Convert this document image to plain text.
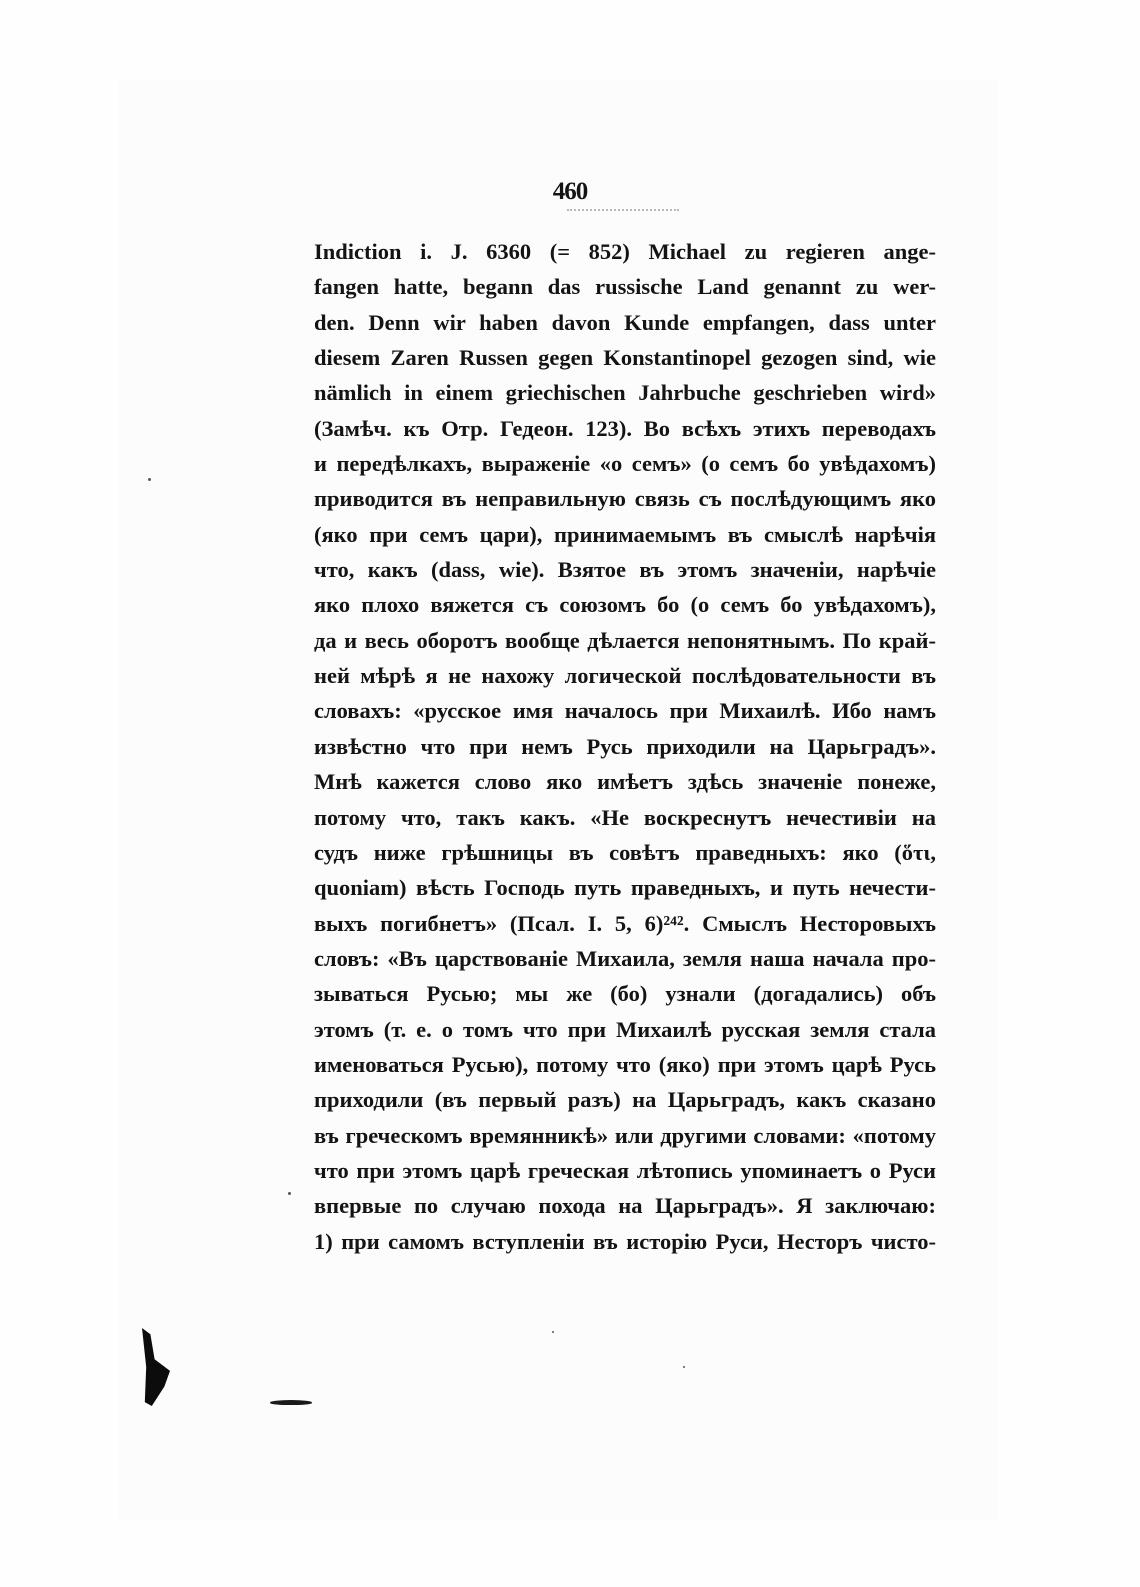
460
Indiction i. J. 6360 (= 852) Michael zu regieren ange-
fangen hatte, begann das russische Land genannt zu wer-
den. Denn wir haben davon Kunde empfangen, dass unter
diesem Zaren Russen gegen Konstantinopel gezogen sind, wie
nämlich in einem griechischen Jahrbuche geschrieben wird»
(Замѣч. къ Отр. Гедеон. 123). Во всѣхъ этихъ переводахъ
и передѣлкахъ, выраженіе «о семъ» (о семъ бо увѣдахомъ)
приводится въ неправильную связь съ послѣдующимъ яко
(яко при семъ цари), принимаемымъ въ смыслѣ нарѣчія
что, какъ (dass, wie). Взятое въ этомъ значеніи, нарѣчіе
яко плохо вяжется съ союзомъ бо (о семъ бо увѣдахомъ),
да и весь оборотъ вообще дѣлается непонятнымъ. По край-
ней мѣрѣ я не нахожу логической послѣдовательности въ
словахъ: «русское имя началось при Михаилѣ. Ибо намъ
извѣстно что при немъ Русь приходили на Царьградъ».
Мнѣ кажется слово яко имѣетъ здѣсь значеніе понеже,
потому что, такъ какъ. «Не воскреснутъ нечестивіи на
судъ ниже грѣшницы въ совѣтъ праведныхъ: яко (ὅτι,
quoniam) вѣсть Господь путь праведныхъ, и путь нечести-
выхъ погибнетъ» (Псал. I. 5, 6)²⁴². Смыслъ Несторовыхъ
словъ: «Въ царствованіе Михаила, земля наша начала про-
зываться Русью; мы же (бо) узнали (догадались) объ
этомъ (т. е. о томъ что при Михаилѣ русская земля стала
именоваться Русью), потому что (яко) при этомъ царѣ Русь
приходили (въ первый разъ) на Царьградъ, какъ сказано
въ греческомъ времянникѣ» или другими словами: «потому
что при этомъ царѣ греческая лѣтопись упоминаетъ о Руси
впервые по случаю похода на Царьградъ». Я заключаю:
1) при самомъ вступленіи въ исторію Руси, Несторъ чисто-
